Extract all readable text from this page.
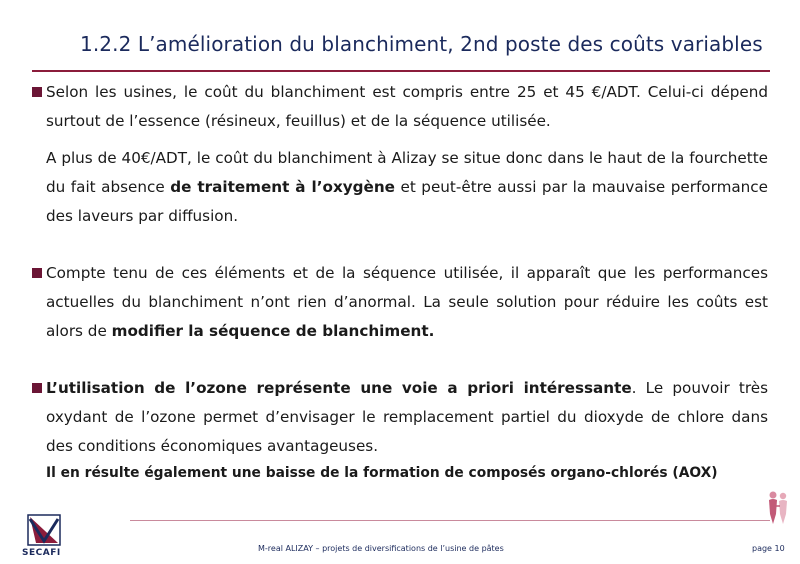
1.2.2 L’amélioration du blanchiment, 2nd poste des coûts variables

Selon les usines, le coût du blanchiment est compris entre 25 et 45 €/ADT. Celui-ci dépend surtout de l’essence (résineux, feuillus) et de la séquence utilisée.

A plus de 40€/ADT, le coût du blanchiment à Alizay se situe donc dans le haut de la fourchette du fait absence de traitement à l’oxygène et peut-être aussi par la mauvaise performance des laveurs par diffusion.

Compte tenu de ces éléments et de la séquence utilisée, il apparaît que les performances actuelles du blanchiment n’ont rien d’anormal. La seule solution pour réduire les coûts est alors de modifier la séquence de blanchiment.

L’utilisation de l’ozone représente une voie a priori intéressante. Le pouvoir très oxydant de l’ozone permet d’envisager le remplacement partiel du dioxyde de chlore dans des conditions économiques avantageuses.

Il en résulte également une baisse de la formation de composés organo-chlorés (AOX)
SECAFI	M-real ALIZAY – projets de diversifications de l’usine de pâtes	page 10
